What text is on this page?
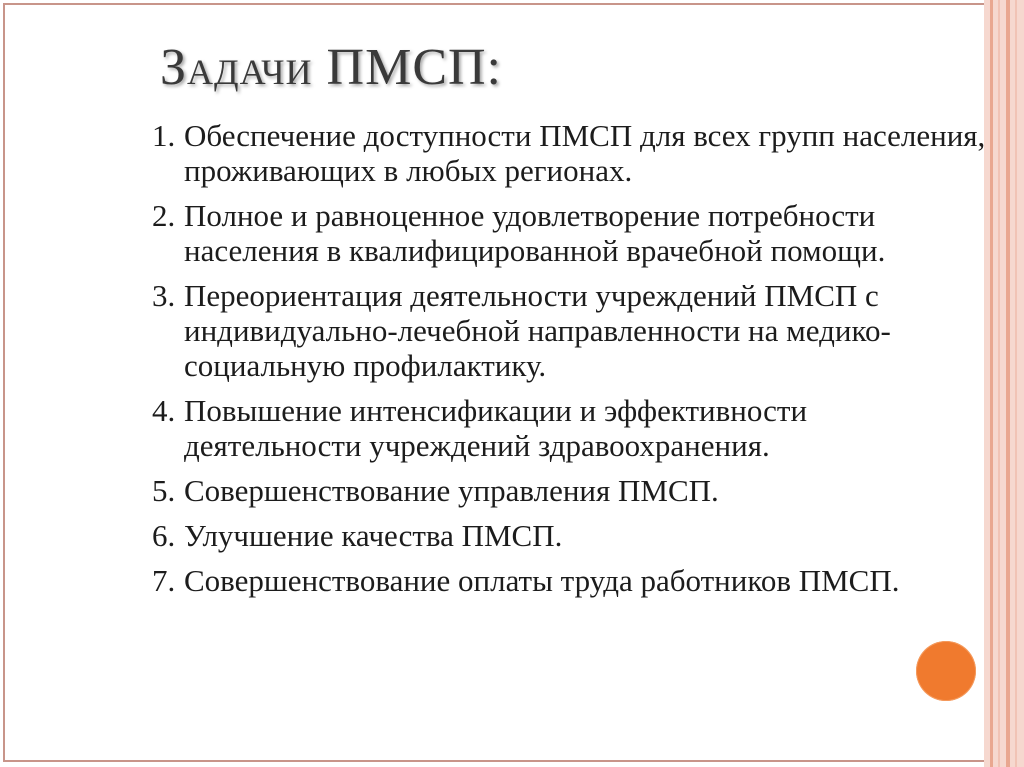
Задачи ПМСП:
1. Обеспечение доступности ПМСП для всех групп населения, проживающих в любых регионах.
2. Полное и равноценное удовлетворение потребности населения в квалифицированной врачебной помощи.
3. Переориентация деятельности учреждений ПМСП с индивидуально-лечебной направленности на медико-социальную профилактику.
4. Повышение интенсификации и эффективности деятельности учреждений здравоохранения.
5. Совершенствование управления ПМСП.
6. Улучшение качества ПМСП.
7. Совершенствование оплаты труда работников ПМСП.
